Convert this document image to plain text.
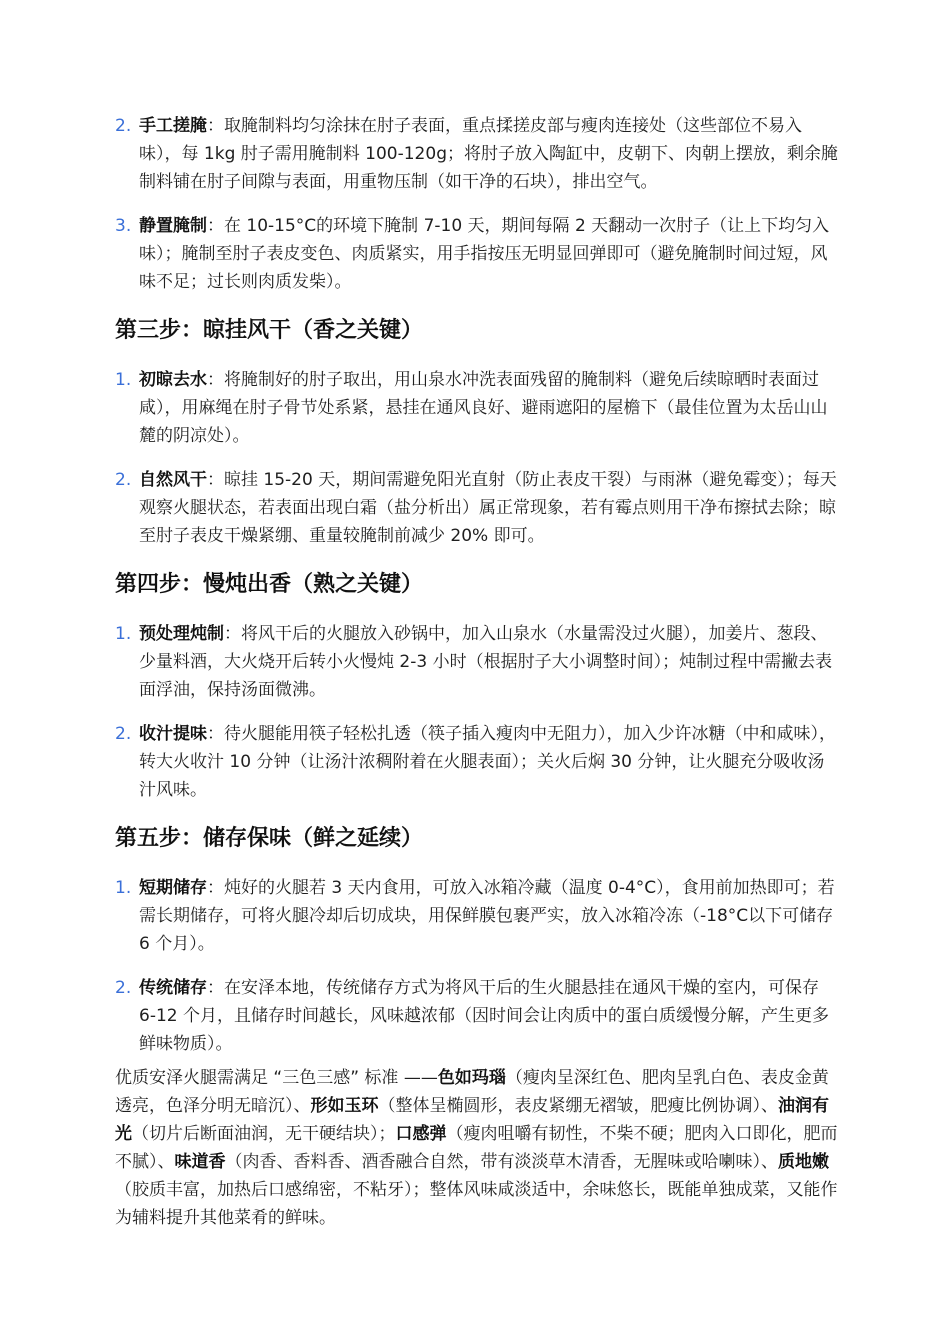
2. 手工搓腌：取腌制料均匀涂抹在肘子表面，重点揉搓皮部与瘦肉连接处（这些部位不易入味），每 1kg 肘子需用腌制料 100-120g；将肘子放入陶缸中，皮朝下、肉朝上摆放，剩余腌制料铺在肘子间隙与表面，用重物压制（如干净的石块），排出空气。
3. 静置腌制：在 10-15°C的环境下腌制 7-10 天，期间每隔 2 天翻动一次肘子（让上下均匀入味）；腌制至肘子表皮变色、肉质紧实，用手指按压无明显回弹即可（避免腌制时间过短，风味不足；过长则肉质发柴）。
第三步：晾挂风干（香之关键）
1. 初晾去水：将腌制好的肘子取出，用山泉水冲洗表面残留的腌制料（避免后续晾晒时表面过咸），用麻绳在肘子骨节处系紧，悬挂在通风良好、避雨遮阳的屋檐下（最佳位置为太岳山山麓的阴凉处）。
2. 自然风干：晾挂 15-20 天，期间需避免阳光直射（防止表皮干裂）与雨淋（避免霉变）；每天观察火腿状态，若表面出现白霜（盐分析出）属正常现象，若有霉点则用干净布擦拭去除；晾至肘子表皮干燥紧绷、重量较腌制前减少 20% 即可。
第四步：慢炖出香（熟之关键）
1. 预处理炖制：将风干后的火腿放入砂锅中，加入山泉水（水量需没过火腿），加姜片、葱段、少量料酒，大火烧开后转小火慢炖 2-3 小时（根据肘子大小调整时间）；炖制过程中需撇去表面浮油，保持汤面微沸。
2. 收汁提味：待火腿能用筷子轻松扎透（筷子插入瘦肉中无阻力），加入少许冰糖（中和咸味），转大火收汁 10 分钟（让汤汁浓稠附着在火腿表面）；关火后焖 30 分钟，让火腿充分吸收汤汁风味。
第五步：储存保味（鲜之延续）
1. 短期储存：炖好的火腿若 3 天内食用，可放入冰箱冷藏（温度 0-4°C），食用前加热即可；若需长期储存，可将火腿冷却后切成块，用保鲜膜包裹严实，放入冰箱冷冻（-18°C以下可储存 6 个月）。
2. 传统储存：在安泽本地，传统储存方式为将风干后的生火腿悬挂在通风干燥的室内，可保存 6-12 个月，且储存时间越长，风味越浓郁（因时间会让肉质中的蛋白质缓慢分解，产生更多鲜味物质）。

优质安泽火腿需满足 “三色三感” 标准 ——色如玛瑙（瘦肉呈深红色、肥肉呈乳白色、表皮金黄透亮，色泽分明无暗沉）、形如玉环（整体呈椭圆形，表皮紧绷无褶皱，肥瘦比例协调）、油润有光（切片后断面油润，无干硬结块）；口感弹（瘦肉咀嚼有韧性，不柴不硬；肥肉入口即化，肥而不腻）、味道香（肉香、香料香、酒香融合自然，带有淡淡草木清香，无腥味或哈喇味）、质地嫩（胶质丰富，加热后口感绵密，不粘牙）；整体风味咸淡适中，余味悠长，既能单独成菜，又能作为辅料提升其他菜肴的鲜味。
